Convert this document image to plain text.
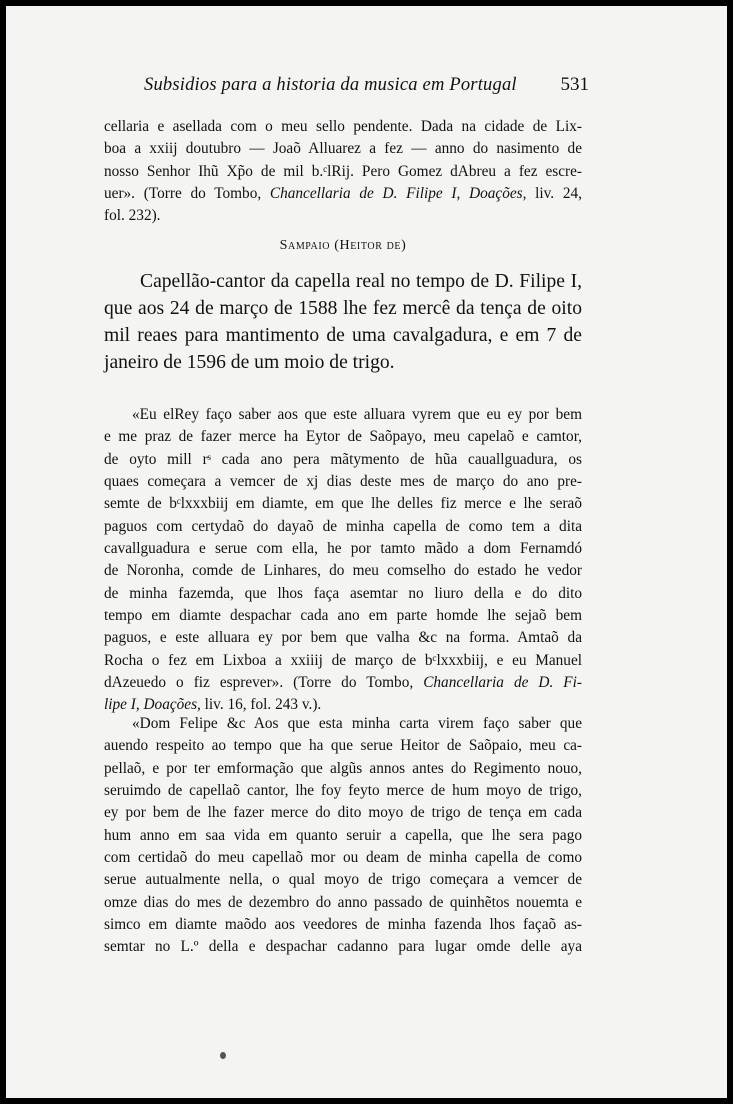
Subsidios para a historia da musica em Portugal 531
cellaria e asellada com o meu sello pendente. Dada na cidade de Lix-
boa a xxiij doutubro — Joaõ Alluarez a fez — anno do nasimento de
nosso Senhor Ihũ Xp̃o de mil b.ᶜlRij. Pero Gomez dAbreu a fez escre-
uer». (Torre do Tombo, Chancellaria de D. Filipe I, Doações, liv. 24,
fol. 232).
Sampaio (Heitor de)
Capellão-cantor da capella real no tempo de D. Filipe I,
que aos 24 de março de 1588 lhe fez mercê da tença de oito
mil reaes para mantimento de uma cavalgadura, e em 7 de
janeiro de 1596 de um moio de trigo.
«Eu elRey faço saber aos que este alluara vyrem que eu ey por bem
e me praz de fazer merce ha Eytor de Saõpayo, meu capelaõ e camtor,
de oyto mill rˢ cada ano pera mãtymento de hũa cauallguadura, os
quaes começara a vemcer de xj dias deste mes de março do ano pre-
semte de bᶜlxxxbiij em diamte, em que lhe delles fiz merce e lhe seraõ
paguos com certydaõ do dayaõ de minha capella de como tem a dita
cavallguadura e serue com ella, he por tamto mãdo a dom Fernamdó
de Noronha, comde de Linhares, do meu comselho do estado he vedor
de minha fazemda, que lhos faça asemtar no liuro della e do dito
tempo em diamte despachar cada ano em parte homde lhe sejaõ bem
paguos, e este alluara ey por bem que valha &c na forma. Amtaõ da
Rocha o fez em Lixboa a xxiiij de março de bᶜlxxxbiij, e eu Manuel
dAzeuedo o fiz esprever». (Torre do Tombo, Chancellaria de D. Fi-
lipe I, Doações, liv. 16, fol. 243 v.).
«Dom Felipe &c Aos que esta minha carta virem faço saber que
auendo respeito ao tempo que ha que serue Heitor de Saõpaio, meu ca-
pellaõ, e por ter emformação que algũs annos antes do Regimento nouo,
seruimdo de capellaõ cantor, lhe foy feyto merce de hum moyo de trigo,
ey por bem de lhe fazer merce do dito moyo de trigo de tença em cada
hum anno em saa vida em quanto seruir a capella, que lhe sera pago
com certidaõ do meu capellaõ mor ou deam de minha capella de como
serue autualmente nella, o qual moyo de trigo começara a vemcer de
omze dias do mes de dezembro do anno passado de quinhẽtos nouemta e
simco em diamte maõdo aos veedores de minha fazenda lhos façaõ as-
semtar no L.º della e despachar cadanno para lugar omde delle aya
